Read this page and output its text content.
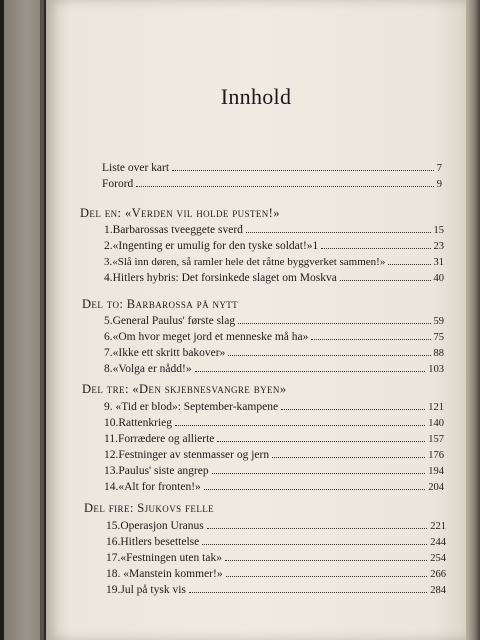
Innhold
Liste over kart	7
Forord	9
Del en: «Verden vil holde pusten!»
1.Barbarossas tveeggete sverd	15
2.«Ingenting er umulig for den tyske soldat!»1	23
3.«Slå inn døren, så ramler hele det råtne byggverket sammen!»	31
4.Hitlers hybris: Det forsinkede slaget om Moskva	40
Del to: Barbarossa på nytt
5.General Paulus' første slag	59
6.«Om hvor meget jord et menneske må ha»	75
7.«Ikke ett skritt bakover»	88
8.«Volga er nådd!»	103
Del tre: «Den skjebnesvangre byen»
9. «Tid er blod»: September-kampene	121
10.Rattenkrieg	140
11.Forrædere og allierte	157
12.Festninger av stenmasser og jern	176
13.Paulus' siste angrep	194
14.«Alt for fronten!»	204
Del fire: Sjukovs felle
15.Operasjon Uranus	221
16.Hitlers besettelse	244
17.«Festningen uten tak»	254
18. «Manstein kommer!»	266
19.Jul på tysk vis	284
